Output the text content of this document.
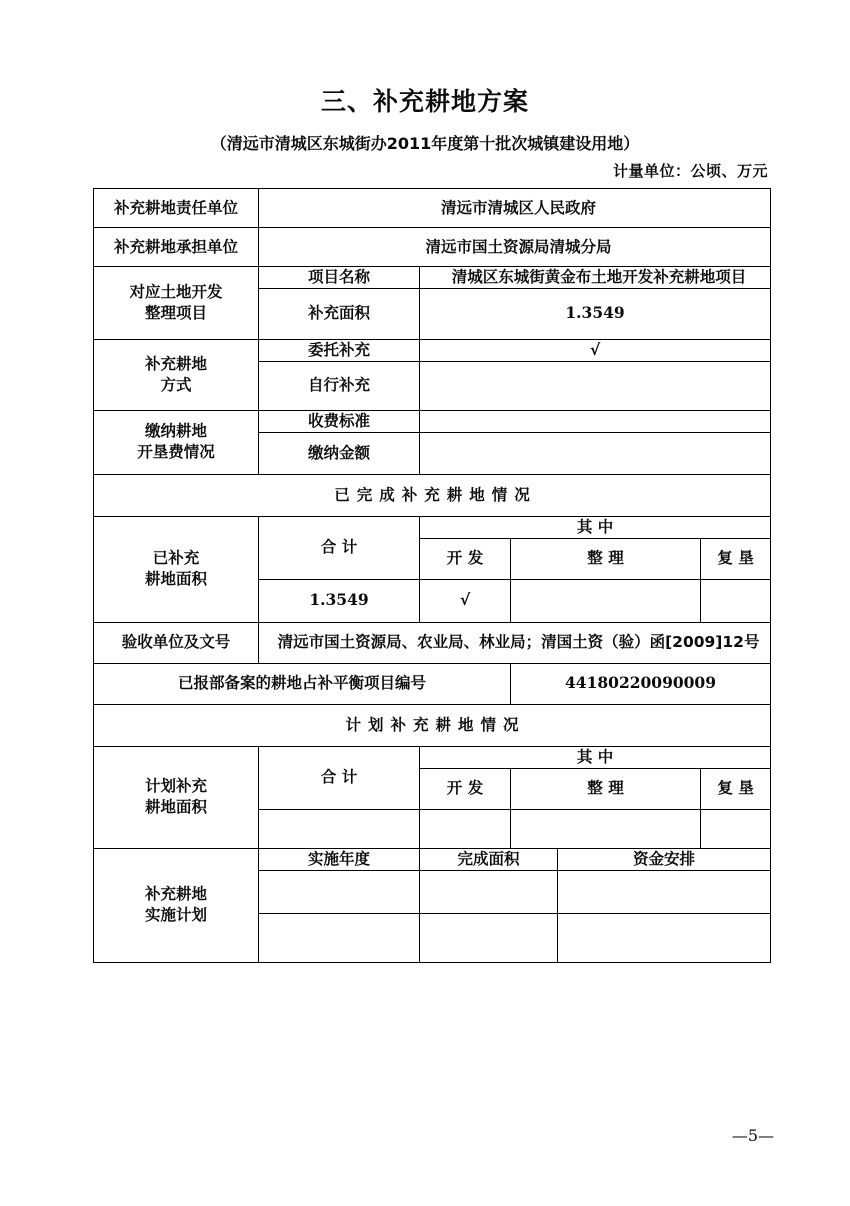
三、补充耕地方案
（清远市清城区东城街办2011年度第十批次城镇建设用地）
计量单位：公顷、万元
补充耕地责任单位	清远市清城区人民政府				
补充耕地承担单位	清远市国土资源局清城分局				

对应土地开发
整理项目	项目名称	清城区东城街黄金布土地开发补充耕地项目			
	补充面积	1.3549			

补充耕地
方式	委托补充	√			
	自行补充				

缴纳耕地
开垦费情况	收费标准				
	缴纳金额				
已完成补充耕地情况					

已补充
耕地面积	合 计	其 中			
		开 发	整 理		复 垦
	1.3549	√			
验收单位及文号	清远市国土资源局、农业局、林业局；清国土资（验）函[2009]12号				
已报部备案的耕地占补平衡项目编号			44180220090009		
计划补充耕地情况					

计划补充
耕地面积	合 计	其 中			
		开 发	整 理		复 垦

补充耕地
实施计划	实施年度	完成面积		资金安排	

—5—
